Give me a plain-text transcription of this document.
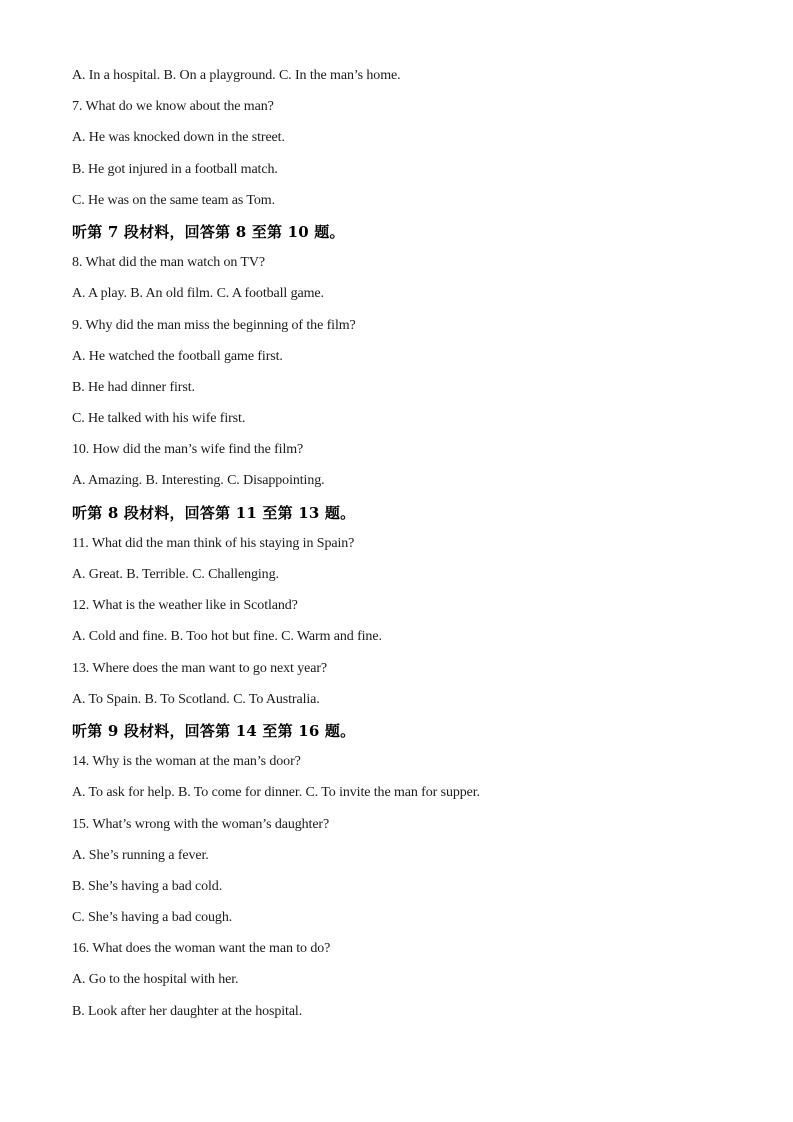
A. In a hospital. B. On a playground. C. In the man’s home.
7. What do we know about the man?
A. He was knocked down in the street.
B. He got injured in a football match.
C. He was on the same team as Tom.
听第 7 段材料，回答第 8 至第 10 题。
8. What did the man watch on TV?
A. A play. B. An old film. C. A football game.
9. Why did the man miss the beginning of the film?
A. He watched the football game first.
B. He had dinner first.
C. He talked with his wife first.
10. How did the man’s wife find the film?
A. Amazing. B. Interesting. C. Disappointing.
听第 8 段材料，回答第 11 至第 13 题。
11. What did the man think of his staying in Spain?
A. Great. B. Terrible. C. Challenging.
12. What is the weather like in Scotland?
A. Cold and fine. B. Too hot but fine. C. Warm and fine.
13. Where does the man want to go next year?
A. To Spain. B. To Scotland. C. To Australia.
听第 9 段材料，回答第 14 至第 16 题。
14. Why is the woman at the man’s door?
A. To ask for help. B. To come for dinner. C. To invite the man for supper.
15. What’s wrong with the woman’s daughter?
A. She’s running a fever.
B. She’s having a bad cold.
C. She’s having a bad cough.
16. What does the woman want the man to do?
A. Go to the hospital with her.
B. Look after her daughter at the hospital.
